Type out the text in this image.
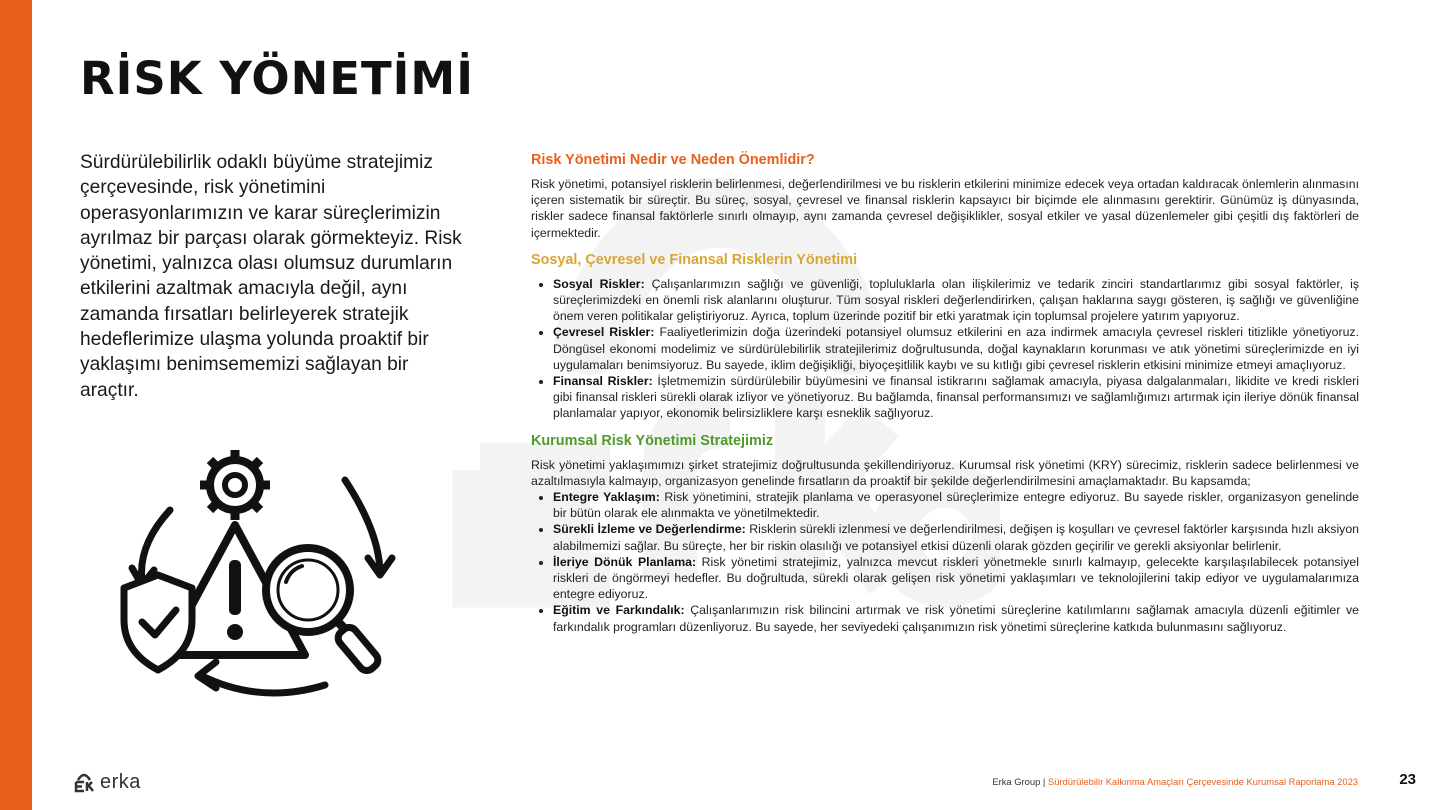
RİSK YÖNETİMİ

Sürdürülebilirlik odaklı büyüme stratejimiz çerçevesinde, risk yönetimini operasyonlarımızın ve karar süreçlerimizin ayrılmaz bir parçası olarak görmekteyiz. Risk yönetimi, yalnızca olası olumsuz durumların etkilerini azaltmak amacıyla değil, aynı zamanda fırsatları belirleyerek stratejik hedeflerimize ulaşma yolunda proaktif bir yaklaşımı benimsememizi sağlayan bir araçtır.

Risk Yönetimi Nedir ve Neden Önemlidir?

Risk yönetimi, potansiyel risklerin belirlenmesi, değerlendirilmesi ve bu risklerin etkilerini minimize edecek veya ortadan kaldıracak önlemlerin alınmasını içeren sistematik bir süreçtir. Bu süreç, sosyal, çevresel ve finansal risklerin kapsayıcı bir biçimde ele alınmasını gerektirir. Günümüz iş dünyasında, riskler sadece finansal faktörlerle sınırlı olmayıp, aynı zamanda çevresel değişiklikler, sosyal etkiler ve yasal düzenlemeler gibi çeşitli dış faktörleri de içermektedir.

Sosyal, Çevresel ve Finansal Risklerin Yönetimi
• Sosyal Riskler: Çalışanlarımızın sağlığı ve güvenliği, topluluklarla olan ilişkilerimiz ve tedarik zinciri standartlarımız gibi sosyal faktörler, iş süreçlerimizdeki en önemli risk alanlarını oluşturur. Tüm sosyal riskleri değerlendirirken, çalışan haklarına saygı gösteren, iş sağlığı ve güvenliğine önem veren politikalar geliştiriyoruz. Ayrıca, toplum üzerinde pozitif bir etki yaratmak için toplumsal projelere yatırım yapıyoruz.
• Çevresel Riskler: Faaliyetlerimizin doğa üzerindeki potansiyel olumsuz etkilerini en aza indirmek amacıyla çevresel riskleri titizlikle yönetiyoruz. Döngüsel ekonomi modelimiz ve sürdürülebilirlik stratejilerimiz doğrultusunda, doğal kaynakların korunması ve atık yönetimi süreçlerimizde en iyi uygulamaları benimsiyoruz. Bu sayede, iklim değişikliği, biyoçeşitlilik kaybı ve su kıtlığı gibi çevresel risklerin etkisini minimize etmeyi amaçlıyoruz.
• Finansal Riskler: İşletmemizin sürdürülebilir büyümesini ve finansal istikrarını sağlamak amacıyla, piyasa dalgalanmaları, likidite ve kredi riskleri gibi finansal riskleri sürekli olarak izliyor ve yönetiyoruz. Bu bağlamda, finansal performansımızı ve sağlamlığımızı artırmak için ileriye dönük finansal planlamalar yapıyor, ekonomik belirsizliklere karşı esneklik sağlıyoruz.
Kurumsal Risk Yönetimi Stratejimiz

Risk yönetimi yaklaşımımızı şirket stratejimiz doğrultusunda şekillendiriyoruz. Kurumsal risk yönetimi (KRY) sürecimiz, risklerin sadece belirlenmesi ve azaltılmasıyla kalmayıp, organizasyon genelinde fırsatların da proaktif bir şekilde değerlendirilmesini amaçlamaktadır. Bu kapsamda;

• Entegre Yaklaşım: Risk yönetimini, stratejik planlama ve operasyonel süreçlerimize entegre ediyoruz. Bu sayede riskler, organizasyon genelinde bir bütün olarak ele alınmakta ve yönetilmektedir.
• Sürekli İzleme ve Değerlendirme: Risklerin sürekli izlenmesi ve değerlendirilmesi, değişen iş koşulları ve çevresel faktörler karşısında hızlı aksiyon alabilmemizi sağlar. Bu süreçte, her bir riskin olasılığı ve potansiyel etkisi düzenli olarak gözden geçirilir ve gerekli aksiyonlar belirlenir.
• İleriye Dönük Planlama: Risk yönetimi stratejimiz, yalnızca mevcut riskleri yönetmekle sınırlı kalmayıp, gelecekte karşılaşılabilecek potansiyel riskleri de öngörmeyi hedefler. Bu doğrultuda, sürekli olarak gelişen risk yönetimi yaklaşımları ve teknolojilerini takip ediyor ve uygulamalarımıza entegre ediyoruz.
• Eğitim ve Farkındalık: Çalışanlarımızın risk bilincini artırmak ve risk yönetimi süreçlerine katılımlarını sağlamak amacıyla düzenli eğitimler ve farkındalık programları düzenliyoruz. Bu sayede, her seviyedeki çalışanımızın risk yönetimi süreçlerine katkıda bulunmasını sağlıyoruz.
erka	Erka Group | Sürdürülebilir Kalkınma Amaçları Çerçevesinde Kurumsal Raporlama 2023	23
